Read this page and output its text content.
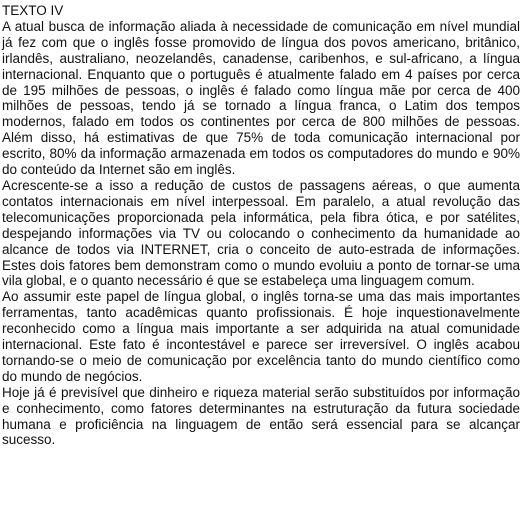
TEXTO IV

A atual busca de informação aliada à necessidade de comunicação em nível mundial já fez com que o inglês fosse promovido de língua dos povos americano, britânico, irlandês, australiano, neozelandês, canadense, caribenhos, e sul-africano, a língua internacional. Enquanto que o português é atualmente falado em 4 países por cerca de 195 milhões de pessoas, o inglês é falado como língua mãe por cerca de 400 milhões de pessoas, tendo já se tornado a língua franca, o Latim dos tempos modernos, falado em todos os continentes por cerca de 800 milhões de pessoas. Além disso, há estimativas de que 75% de toda comunicação internacional por escrito, 80% da informação armazenada em todos os computadores do mundo e 90% do conteúdo da Internet são em inglês.

Acrescente-se a isso a redução de custos de passagens aéreas, o que aumenta contatos internacionais em nível interpessoal. Em paralelo, a atual revolução das telecomunicações proporcionada pela informática, pela fibra ótica, e por satélites, despejando informações via TV ou colocando o conhecimento da humanidade ao alcance de todos via INTERNET, cria o conceito de auto-estrada de informações. Estes dois fatores bem demonstram como o mundo evoluiu a ponto de tornar-se uma vila global, e o quanto necessário é que se estabeleça uma linguagem comum.

Ao assumir este papel de língua global, o inglês torna-se uma das mais importantes ferramentas, tanto acadêmicas quanto profissionais. É hoje inquestionavelmente reconhecido como a língua mais importante a ser adquirida na atual comunidade internacional. Este fato é incontestável e parece ser irreversível. O inglês acabou tornando-se o meio de comunicação por excelência tanto do mundo científico como do mundo de negócios.

Hoje já é previsível que dinheiro e riqueza material serão substituídos por informação e conhecimento, como fatores determinantes na estruturação da futura sociedade humana e proficiência na linguagem de então será essencial para se alcançar sucesso.
